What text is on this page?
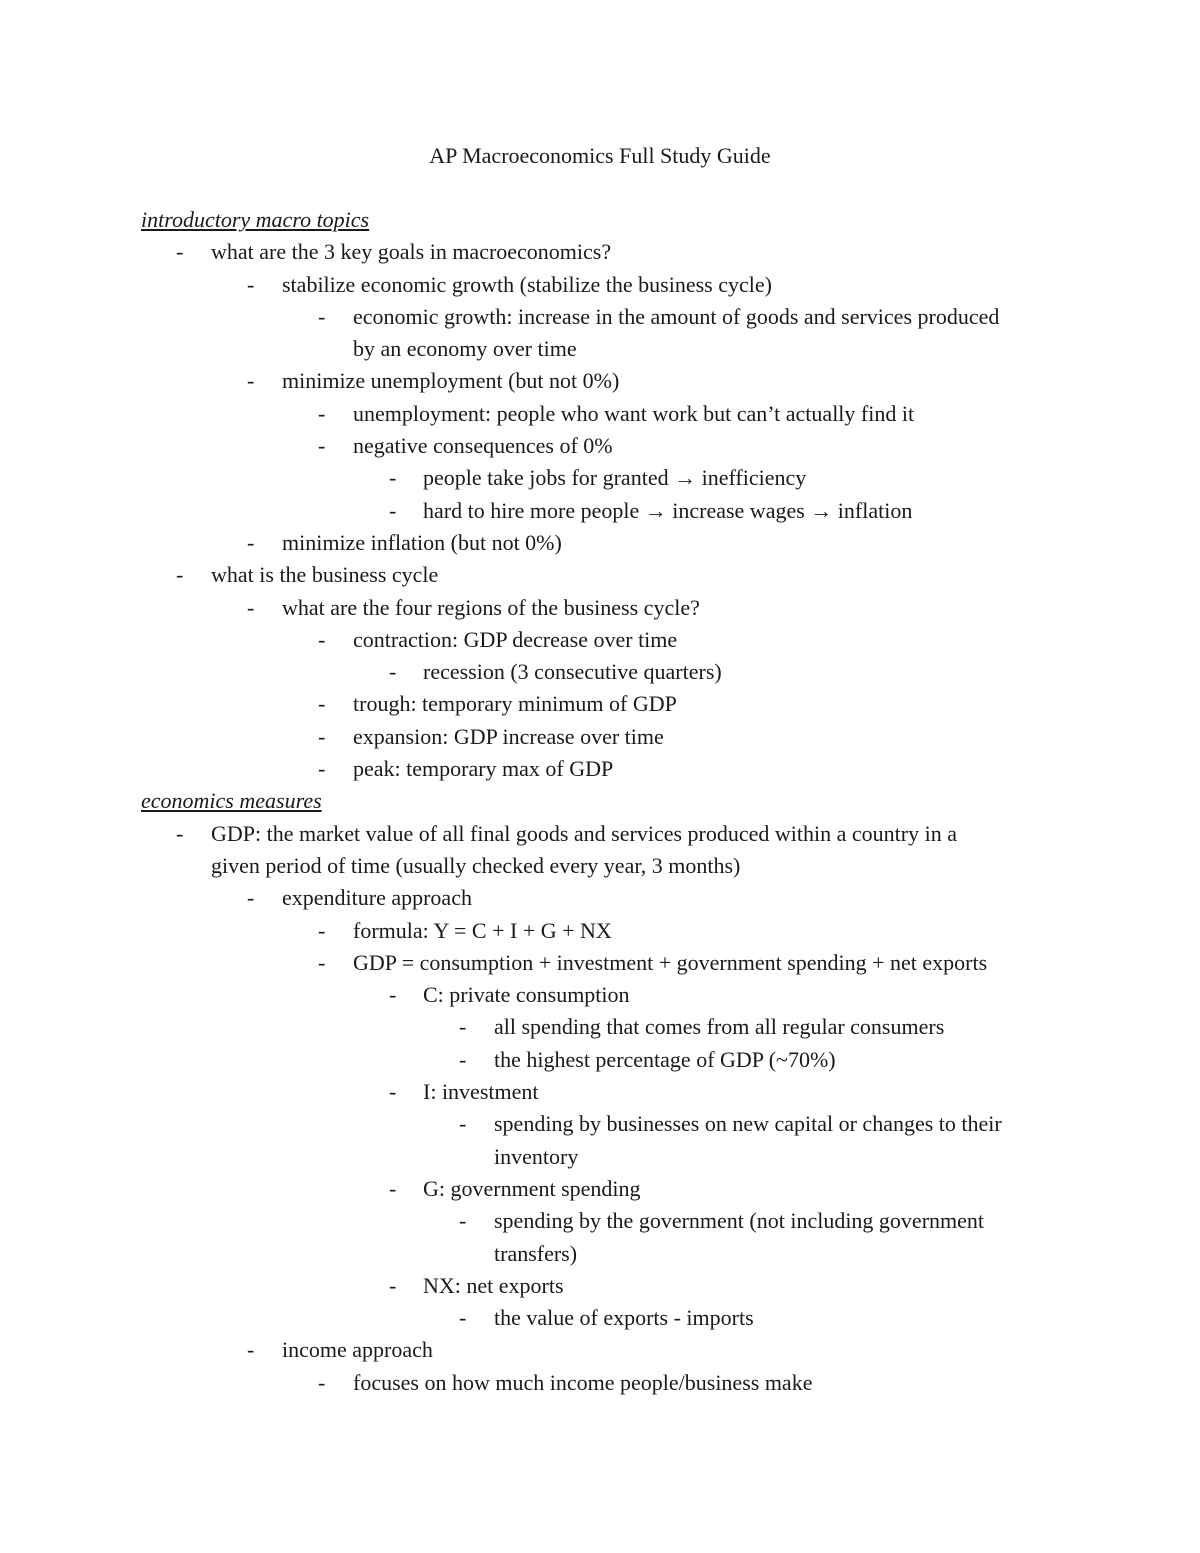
AP Macroeconomics Full Study Guide
introductory macro topics
- what are the 3 key goals in macroeconomics?
- stabilize economic growth (stabilize the business cycle)
- economic growth: increase in the amount of goods and services produced
by an economy over time
- minimize unemployment (but not 0%)
- unemployment: people who want work but can’t actually find it
- negative consequences of 0%
- people take jobs for granted → inefficiency
- hard to hire more people → increase wages → inflation
- minimize inflation (but not 0%)
- what is the business cycle
- what are the four regions of the business cycle?
- contraction: GDP decrease over time
- recession (3 consecutive quarters)
- trough: temporary minimum of GDP
- expansion: GDP increase over time
- peak: temporary max of GDP
economics measures
- GDP: the market value of all final goods and services produced within a country in a
given period of time (usually checked every year, 3 months)
- expenditure approach
- formula: Y = C + I + G + NX
- GDP = consumption + investment + government spending + net exports
- C: private consumption
- all spending that comes from all regular consumers
- the highest percentage of GDP (~70%)
- I: investment
- spending by businesses on new capital or changes to their
inventory
- G: government spending
- spending by the government (not including government
transfers)
- NX: net exports
- the value of exports - imports
- income approach
- focuses on how much income people/business make
